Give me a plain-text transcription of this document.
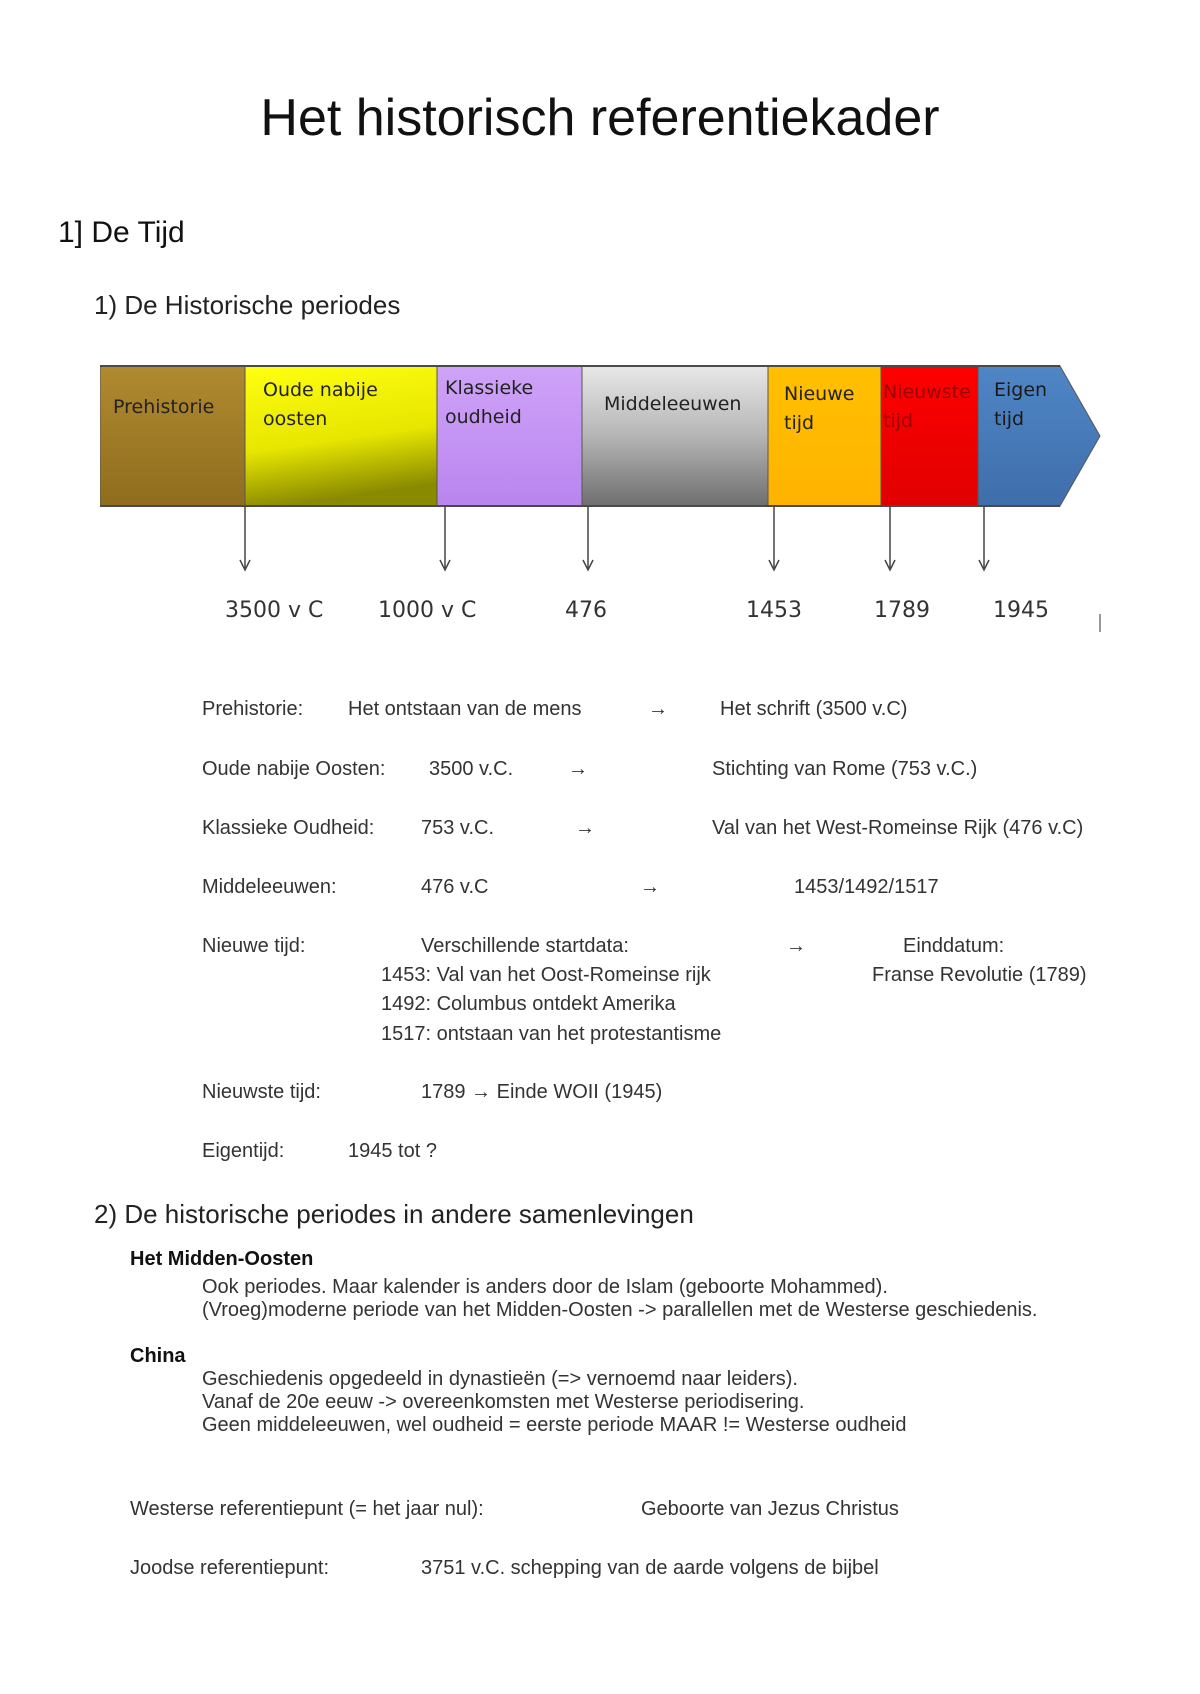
Het historisch referentiekader
1] De Tijd
1) De Historische periodes
Prehistorie
Oude nabije
oosten
Klassieke
oudheid
Middeleeuwen Nieuwe
tijd
Nieuwste
tijd
Eigen
tijd
3500 v C 1000 v C	476	1453	1789	1945
Prehistorie: Het ontstaan van de mens	→	Het schrift (3500 v.C)
Oude nabije Oosten: 3500 v.C.	→	Stichting van Rome (753 v.C.)
Klassieke Oudheid: 753 v.C.	→	Val van het West-Romeinse Rijk (476 v.C)
Middeleeuwen:	476 v.C	→	1453/1492/1517
Nieuwe tijd:	Verschillende startdata:	→	Einddatum:
1453: Val van het Oost-Romeinse rijk	Franse Revolutie (1789)
1492: Columbus ontdekt Amerika
1517: ontstaan van het protestantisme
Nieuwste tijd:	1789 → Einde WOII (1945)
Eigentijd:	1945 tot ?
2) De historische periodes in andere samenlevingen
Het Midden-Oosten
Ook periodes. Maar kalender is anders door de Islam (geboorte Mohammed).
(Vroeg)moderne periode van het Midden-Oosten -> parallellen met de Westerse geschiedenis.
China
Geschiedenis opgedeeld in dynastieën (=> vernoemd naar leiders).
Vanaf de 20e eeuw -> overeenkomsten met Westerse periodisering.
Geen middeleeuwen, wel oudheid = eerste periode MAAR != Westerse oudheid
Westerse referentiepunt (= het jaar nul):	Geboorte van Jezus Christus
Joodse referentiepunt:	3751 v.C. schepping van de aarde volgens de bijbel
